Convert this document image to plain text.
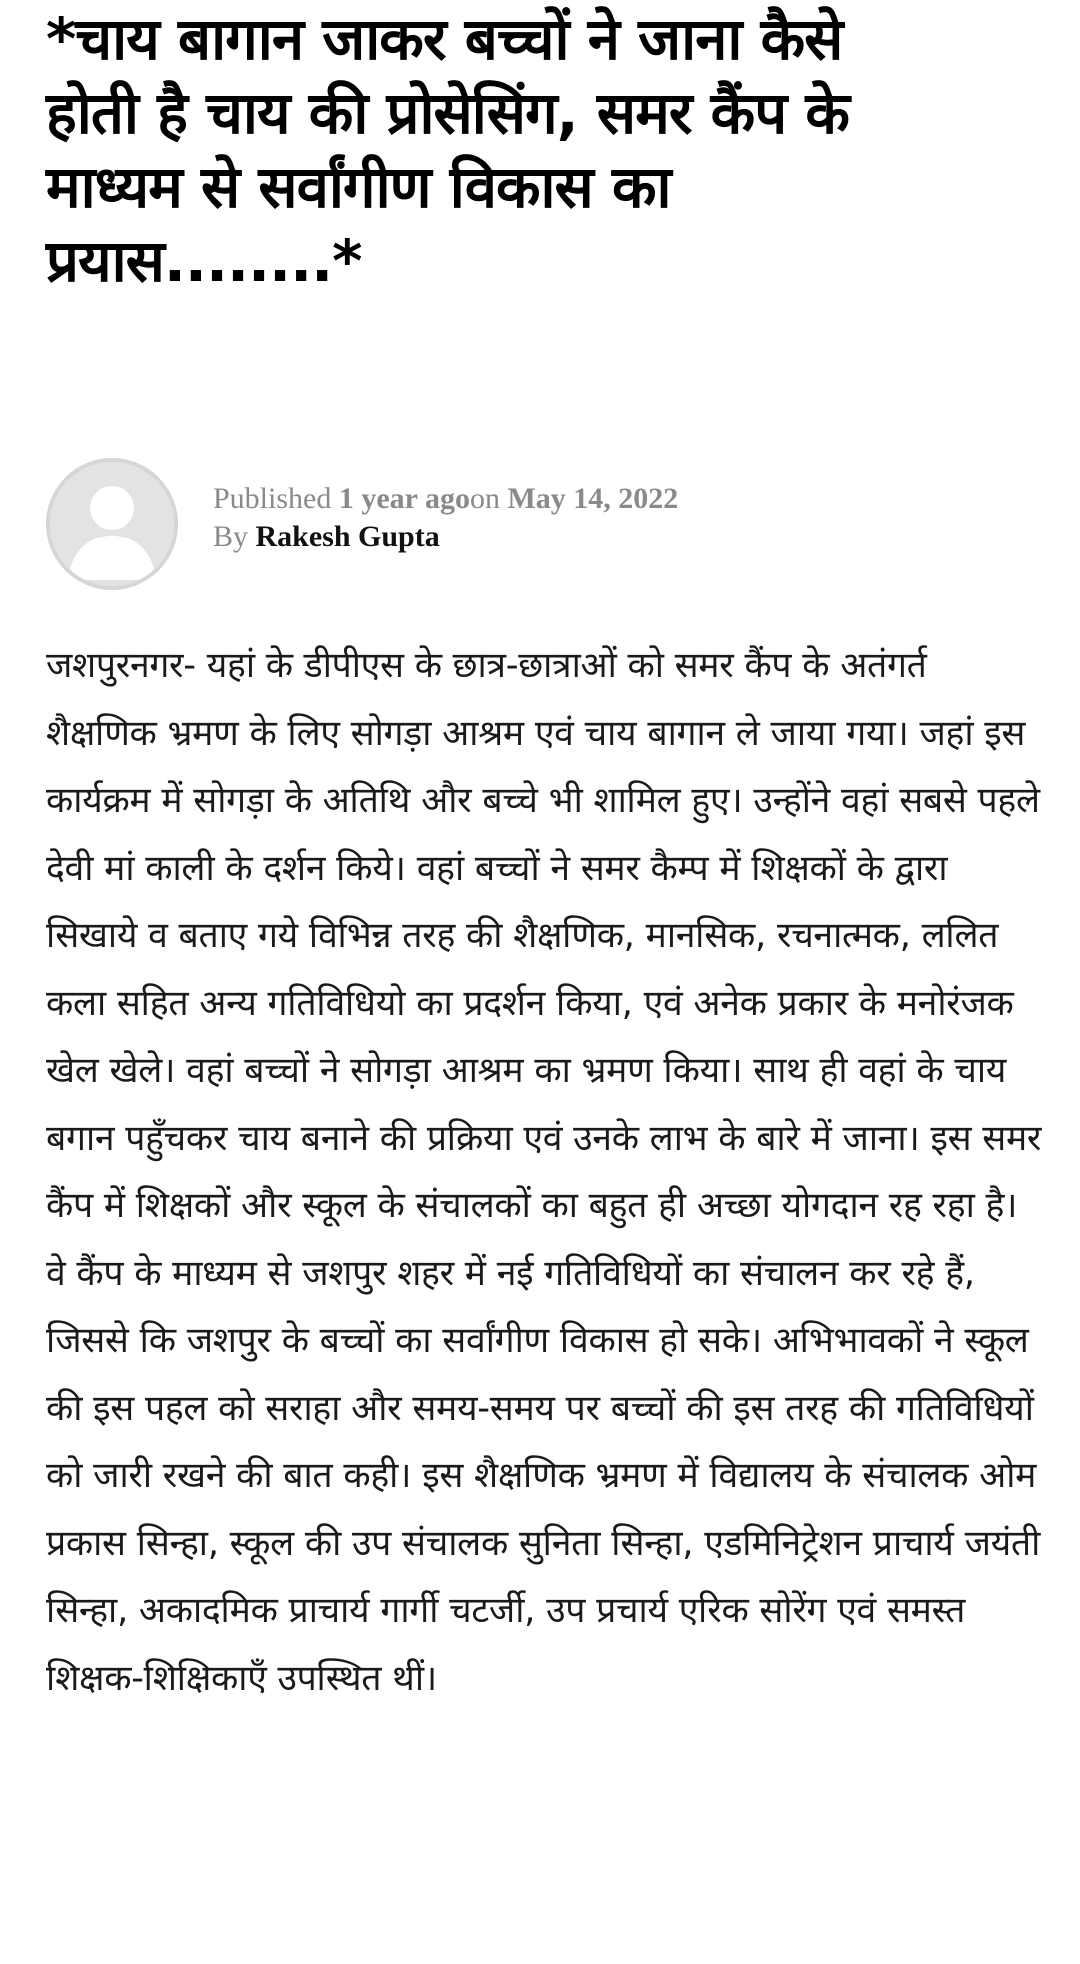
*चाय बागान जाकर बच्चों ने जाना कैसे होती है चाय की प्रोसेसिंग, समर कैंप के माध्यम से सर्वांगीण विकास का प्रयास........*
Published 1 year agoon May 14, 2022
By Rakesh Gupta

जशपुरनगर- यहां के डीपीएस के छात्र-छात्राओं को समर कैंप के अतंगर्त शैक्षणिक भ्रमण के लिए सोगड़ा आश्रम एवं चाय बागान ले जाया गया। जहां इस कार्यक्रम में सोगड़ा के अतिथि और बच्चे भी शामिल हुए। उन्होंने वहां सबसे पहले देवी मां काली के दर्शन किये। वहां बच्चों ने समर कैम्प में शिक्षकों के द्वारा सिखाये व बताए गये विभिन्न तरह की शैक्षणिक, मानसिक, रचनात्मक, ललित कला सहित अन्य गतिविधियो का प्रदर्शन किया, एवं अनेक प्रकार के मनोरंजक खेल खेले। वहां बच्चों ने सोगड़ा आश्रम का भ्रमण किया। साथ ही वहां के चाय बगान पहुँचकर चाय बनाने की प्रक्रिया एवं उनके लाभ के बारे में जाना। इस समर कैंप में शिक्षकों और स्कूल के संचालकों का बहुत ही अच्छा योगदान रह रहा है। वे कैंप के माध्यम से जशपुर शहर में नई गतिविधियों का संचालन कर रहे हैं, जिससे कि जशपुर के बच्चों का सर्वांगीण विकास हो सके। अभिभावकों ने स्कूल की इस पहल को सराहा और समय-समय पर बच्चों की इस तरह की गतिविधियों को जारी रखने की बात कही। इस शैक्षणिक भ्रमण में विद्यालय के संचालक ओम प्रकास सिन्हा, स्कूल की उप संचालक सुनिता सिन्हा, एडमिनिट्रेशन प्राचार्य जयंती सिन्हा, अकादमिक प्राचार्य गार्गी चटर्जी, उप प्रचार्य एरिक सोरेंग एवं समस्त शिक्षक-शिक्षिकाएँ उपस्थित थीं।
